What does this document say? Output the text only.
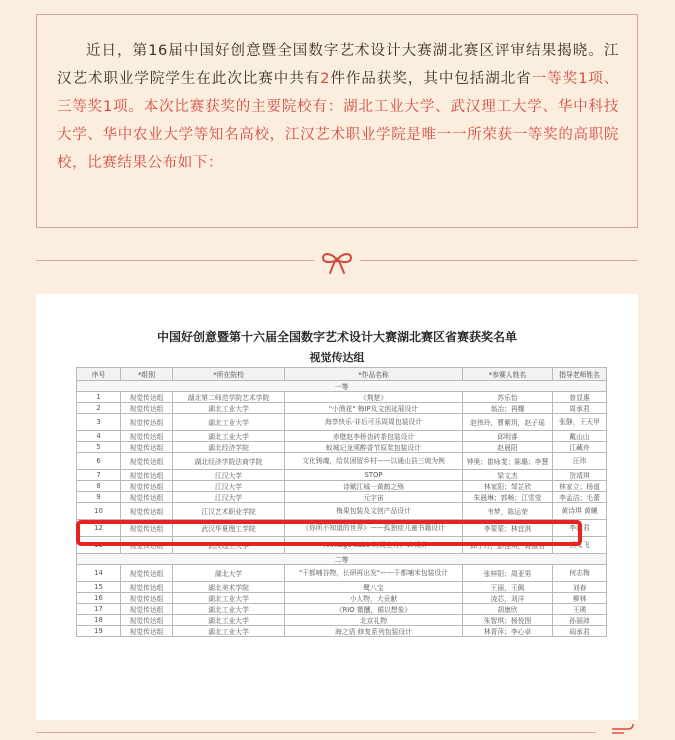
近日，第16届中国好创意暨全国数字艺术设计大赛湖北赛区评审结果揭晓。江汉艺术职业学院学生在此次比赛中共有2件作品获奖，其中包括湖北省一等奖1项、三等奖1项。本次比赛获奖的主要院校有：湖北工业大学、武汉理工大学、华中科技大学、华中农业大学等知名高校，江汉艺术职业学院是唯一一所荣获一等奖的高职院校，比赛结果公布如下：

中国好创意暨第十六届全国数字艺术设计大赛湖北赛区省赛获奖名单
视觉传达组
序号	*组别	*所在院校	*作品名称	*参赛人姓名	指导老师姓名
一等					
1	视觉传达组	湖北第二师范学院艺术学院	《荆楚》	苏乐怡	曾显惠
2	视觉传达组	湖北工业大学	"小渔花" 梅IP及文创延展设计	翁治；再耀	周承君
3	视觉传达组	湖北工业大学	海享快乐·非后可乐周周包装设计	赵伟玲，曹紫玥，赵子瑶	张静，王天甲
4	视觉传达组	湖北工业大学	赤壁赵李桥齿砖茶包装设计	邱明睿	戴山山
5	视觉传达组	湖北经济学院	蚁城记龙须醉香节原浆包装设计	赵晨阳	江藏舟
6	视觉传达组	湖北经济学院法商学院	文化铸魂，给贫困留乡村——以通山县三坡为例	钟奥；崔咏斐；陈璐；李慧	汪玮
7	视觉传达组	江汉大学	STOP	梁文杰	贺靖琪
8	视觉传达组	江汉大学	诗赋江城一黄鹤之殇	林家阳；邹芷欣	林家立；杨道
9	视觉传达组	江汉大学	元宇宙	朱晨琳；郭畅；江雪莹	李孟洁；毛蕾
10	视觉传达组	江汉艺术职业学院	梅果包装及文创产品设计	韦梦，陈运荣	黄诗琪 黄曦
12	视觉传达组	武汉华夏理工学院	《你所不知道的世界》——孤独症儿童书籍设计	李蒙蒙；林宜淇	李雨君
13	视觉传达组	武汉理工大学	《vintage cube 时间立方》vi 设计	邱子玲，彭佳琪，蒋淑君	熊义飞
二等					
14	视觉传达组	湖北大学	"千都哺谷物，长研再出发"——千都哺米包装设计	张梓阳；周亚男	何志梅
15	视觉传达组	湖北美术学院	鹭八宝	王丽，王佩	刘春
16	视觉传达组	湖北工业大学	小人物，大贡献	凌芯，刘洋	柳林
17	视觉传达组	湖北工业大学	《RIO 微醺，循以想象》	胡康欣	王瑛
18	视觉传达组	湖北工业大学	北京礼物	朱智琪；杨悦图	孙丽沛
19	视觉传达组	湖北工业大学	海之语 修复系列包装设计	林青萍；李心卓	阎承君
